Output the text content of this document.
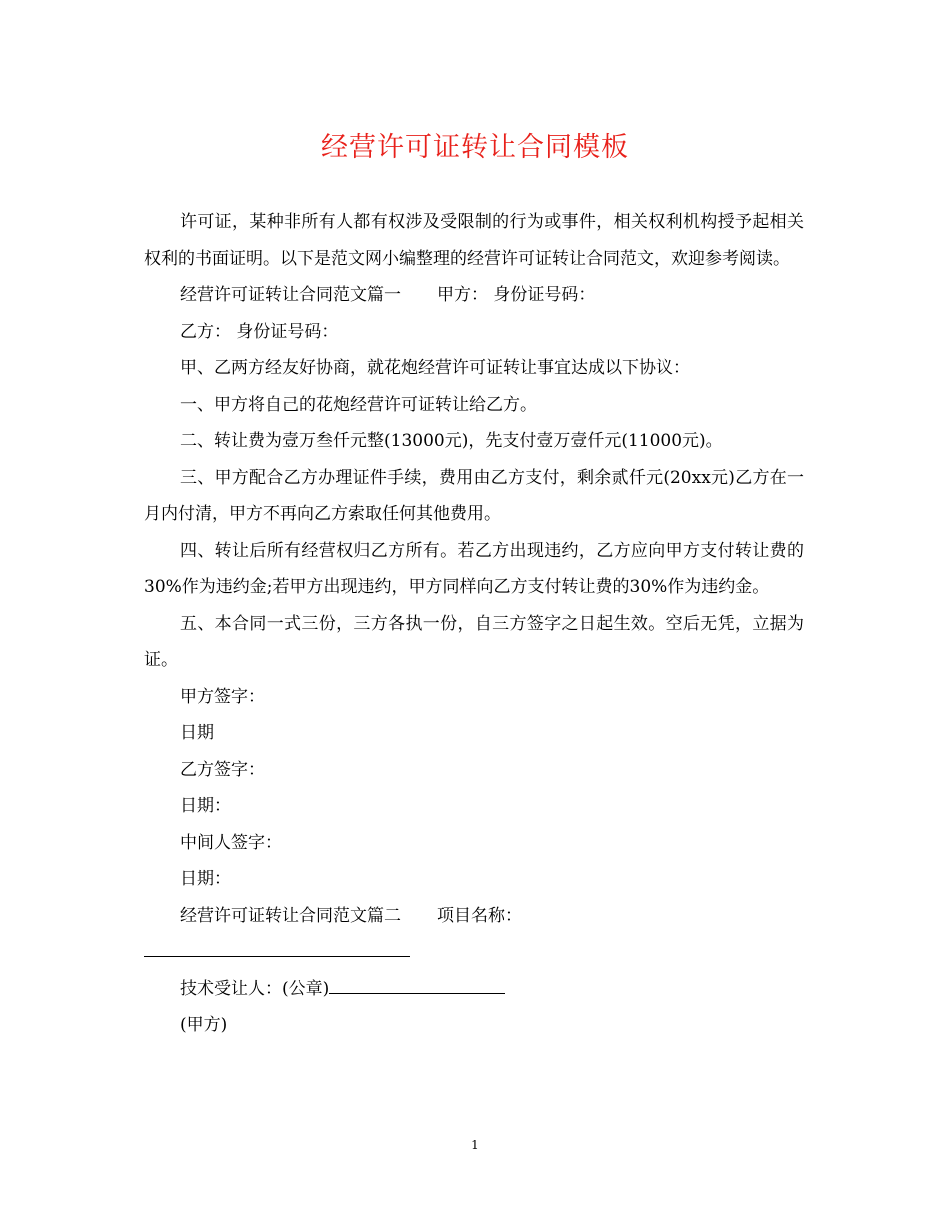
经营许可证转让合同模板

许可证，某种非所有人都有权涉及受限制的行为或事件，相关权利机构授予起相关权利的书面证明。以下是范文网小编整理的经营许可证转让合同范文，欢迎参考阅读。

经营许可证转让合同范文篇一 甲方： 身份证号码：

乙方： 身份证号码：

甲、乙两方经友好协商，就花炮经营许可证转让事宜达成以下协议：

一、甲方将自己的花炮经营许可证转让给乙方。

二、转让费为壹万叁仟元整(13000元)，先支付壹万壹仟元(11000元)。

三、甲方配合乙方办理证件手续，费用由乙方支付，剩余贰仟元(20xx元)乙方在一月内付清，甲方不再向乙方索取任何其他费用。

四、转让后所有经营权归乙方所有。若乙方出现违约，乙方应向甲方支付转让费的30%作为违约金;若甲方出现违约，甲方同样向乙方支付转让费的30%作为违约金。

五、本合同一式三份，三方各执一份，自三方签字之日起生效。空后无凭，立据为证。

甲方签字：

日期

乙方签字：

日期：

中间人签字：

日期：

经营许可证转让合同范文篇二 项目名称：

技术受让人：(公章)

(甲方)

1
